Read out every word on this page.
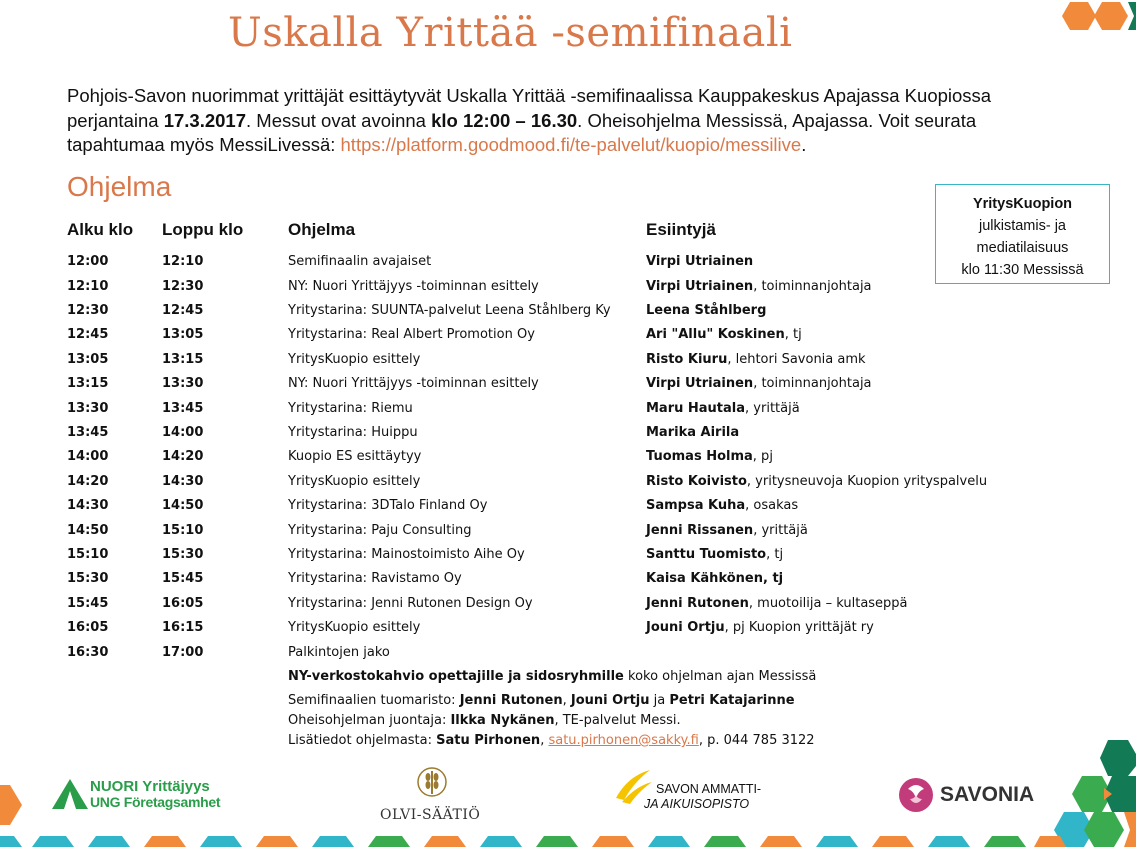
Uskalla Yrittää -semifinaali
Pohjois-Savon nuorimmat yrittäjät esittäytyvät Uskalla Yrittää -semifinaalissa Kauppakeskus Apajassa Kuopiossa perjantaina 17.3.2017. Messut ovat avoinna klo 12:00 – 16.30. Oheisohjelma Messissä, Apajassa. Voit seurata tapahtumaa myös MessiLivessä: https://platform.goodmood.fi/te-palvelut/kuopio/messilive.
Ohjelma
YritysKuopion
julkistamis- ja
mediatilaisuus
klo 11:30 Messissä
Alku klo Loppu klo	Ohjelma	Esiintyjä
12:00	12:10	Semifinaalin avajaiset	Virpi Utriainen
12:10	12:30	NY: Nuori Yrittäjyys -toiminnan esittely	Virpi Utriainen, toiminnanjohtaja
12:30	12:45	Yritystarina: SUUNTA-palvelut Leena Ståhlberg Ky	Leena Ståhlberg
12:45	13:05	Yritystarina: Real Albert Promotion Oy	Ari "Allu" Koskinen, tj
13:05	13:15	YritysKuopio esittely	Risto Kiuru, lehtori Savonia amk
13:15	13:30	NY: Nuori Yrittäjyys -toiminnan esittely	Virpi Utriainen, toiminnanjohtaja
13:30	13:45	Yritystarina: Riemu	Maru Hautala, yrittäjä
13:45	14:00	Yritystarina: Huippu	Marika Airila
14:00	14:20	Kuopio ES esittäytyy	Tuomas Holma, pj
14:20	14:30	YritysKuopio esittely	Risto Koivisto, yritysneuvoja Kuopion yrityspalvelu
14:30	14:50	Yritystarina: 3DTalo Finland Oy	Sampsa Kuha, osakas
14:50	15:10	Yritystarina: Paju Consulting	Jenni Rissanen, yrittäjä
15:10	15:30	Yritystarina: Mainostoimisto Aihe Oy	Santtu Tuomisto, tj
15:30	15:45	Yritystarina: Ravistamo Oy	Kaisa Kähkönen, tj
15:45	16:05	Yritystarina: Jenni Rutonen Design Oy	Jenni Rutonen, muotoilija – kultaseppä
16:05	16:15	YritysKuopio esittely	Jouni Ortju, pj Kuopion yrittäjät ry
16:30	17:00	Palkintojen jako
NY-verkostokahvio opettajille ja sidosryhmille koko ohjelman ajan Messissä
Semifinaalien tuomaristo: Jenni Rutonen, Jouni Ortju ja Petri Katajarinne
Oheisohjelman juontaja: Ilkka Nykänen, TE-palvelut Messi.
Lisätiedot ohjelmasta: Satu Pirhonen, satu.pirhonen@sakky.fi, p. 044 785 3122
NUORI Yrittäjyys
UNG Företagsamhet
OLVI-SÄÄTIÖ
SAVON AMMATTI-
JA AIKUISOPISTO	SAVONIA
